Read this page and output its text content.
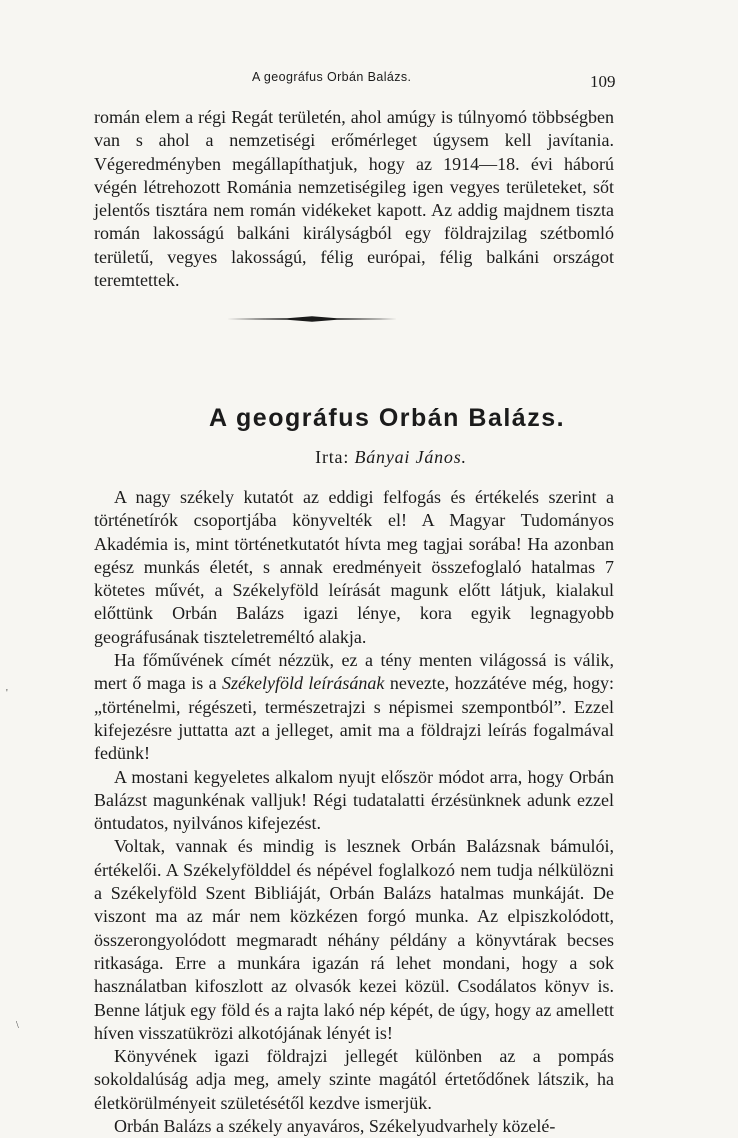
A geográfus Orbán Balázs.	109

román elem a régi Regát területén, ahol amúgy is túlnyomó többségben van s ahol a nemzetiségi erőmérleget úgysem kell javítania. Végeredményben megállapíthatjuk, hogy az 1914—18. évi háború végén létrehozott Románia nemzetiségileg igen vegyes területeket, sőt jelentős tisztára nem román vidékeket kapott. Az addig majdnem tiszta román lakosságú balkáni királyságból egy földrajzilag szétbomló területű, vegyes lakosságú, félig európai, félig balkáni országot teremtettek.

A geográfus Orbán Balázs.
Irta: Bányai János.

A nagy székely kutatót az eddigi felfogás és értékelés szerint a történetírók csoportjába könyvelték el! A Magyar Tudományos Akadémia is, mint történetkutatót hívta meg tagjai sorába! Ha azonban egész munkás életét, s annak eredményeit összefoglaló hatalmas 7 kötetes művét, a Székelyföld leírását magunk előtt látjuk, kialakul előttünk Orbán Balázs igazi lénye, kora egyik legnagyobb geográfusának tiszteletreméltó alakja.

Ha főművének címét nézzük, ez a tény menten világossá is válik, mert ő maga is a Székelyföld leírásának nevezte, hozzátéve még, hogy: „történelmi, régészeti, természetrajzi s népismei szempontból”. Ezzel kifejezésre juttatta azt a jelleget, amit ma a földrajzi leírás fogalmával fedünk!

A mostani kegyeletes alkalom nyujt először módot arra, hogy Orbán Balázst magunkénak valljuk! Régi tudatalatti érzésünknek adunk ezzel öntudatos, nyilvános kifejezést.

Voltak, vannak és mindig is lesznek Orbán Balázsnak bámulói, értékelői. A Székelyfölddel és népével foglalkozó nem tudja nélkülözni a Székelyföld Szent Bibliáját, Orbán Balázs hatalmas munkáját. De viszont ma az már nem közkézen forgó munka. Az elpiszkolódott, összerongyolódott megmaradt néhány példány a könyvtárak becses ritkasága. Erre a munkára igazán rá lehet mondani, hogy a sok használatban kifoszlott az olvasók kezei közül. Csodálatos könyv is. Benne látjuk egy föld és a rajta lakó nép képét, de úgy, hogy az amellett híven visszatükrözi alkotójának lényét is!

Könyvének igazi földrajzi jellegét különben az a pompás sokoldalúság adja meg, amely szinte magától értetődőnek látszik, ha életkörülményeit születésétől kezdve ismerjük.

Orbán Balázs a székely anyaváros, Székelyudvarhely közelé-

'
\
